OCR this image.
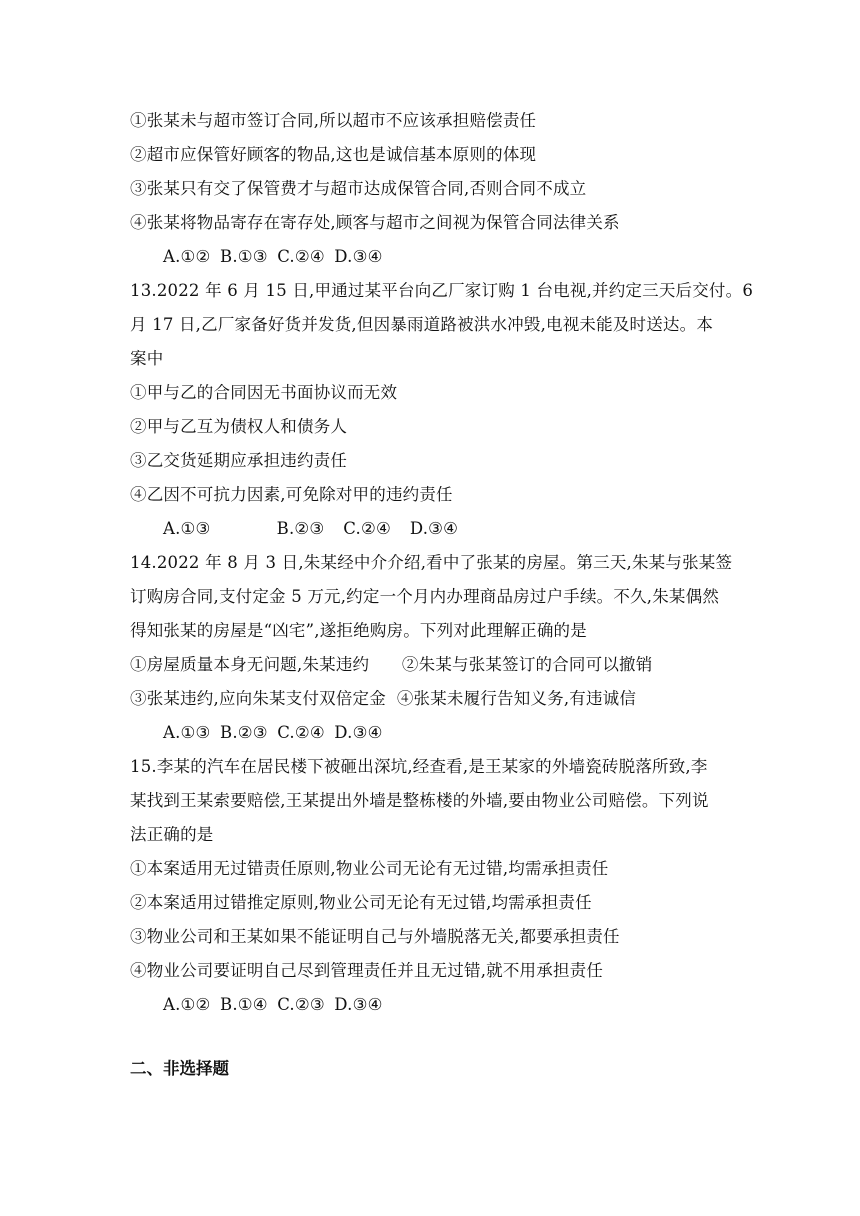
①张某未与超市签订合同,所以超市不应该承担赔偿责任
②超市应保管好顾客的物品,这也是诚信基本原则的体现
③张某只有交了保管费才与超市达成保管合同,否则合同不成立
④张某将物品寄存在寄存处,顾客与超市之间视为保管合同法律关系
A.①② B.①③ C.②④ D.③④
13.2022 年 6 月 15 日,甲通过某平台向乙厂家订购 1 台电视,并约定三天后交付。6
月 17 日,乙厂家备好货并发货,但因暴雨道路被洪水冲毁,电视未能及时送达。本
案中
①甲与乙的合同因无书面协议而无效
②甲与乙互为债权人和债务人
③乙交货延期应承担违约责任
④乙因不可抗力因素,可免除对甲的违约责任
A.①③       B.②③  C.②④  D.③④
14.2022 年 8 月 3 日,朱某经中介介绍,看中了张某的房屋。第三天,朱某与张某签
订购房合同,支付定金 5 万元,约定一个月内办理商品房过户手续。不久,朱某偶然
得知张某的房屋是“凶宅”,遂拒绝购房。下列对此理解正确的是
①房屋质量本身无问题,朱某违约      ②朱某与张某签订的合同可以撤销
③张某违约,应向朱某支付双倍定金  ④张某未履行告知义务,有违诚信
A.①③ B.②③ C.②④ D.③④
15.李某的汽车在居民楼下被砸出深坑,经查看,是王某家的外墙瓷砖脱落所致,李
某找到王某索要赔偿,王某提出外墙是整栋楼的外墙,要由物业公司赔偿。下列说
法正确的是
①本案适用无过错责任原则,物业公司无论有无过错,均需承担责任
②本案适用过错推定原则,物业公司无论有无过错,均需承担责任
③物业公司和王某如果不能证明自己与外墙脱落无关,都要承担责任
④物业公司要证明自己尽到管理责任并且无过错,就不用承担责任
A.①② B.①④ C.②③ D.③④
二、非选择题
